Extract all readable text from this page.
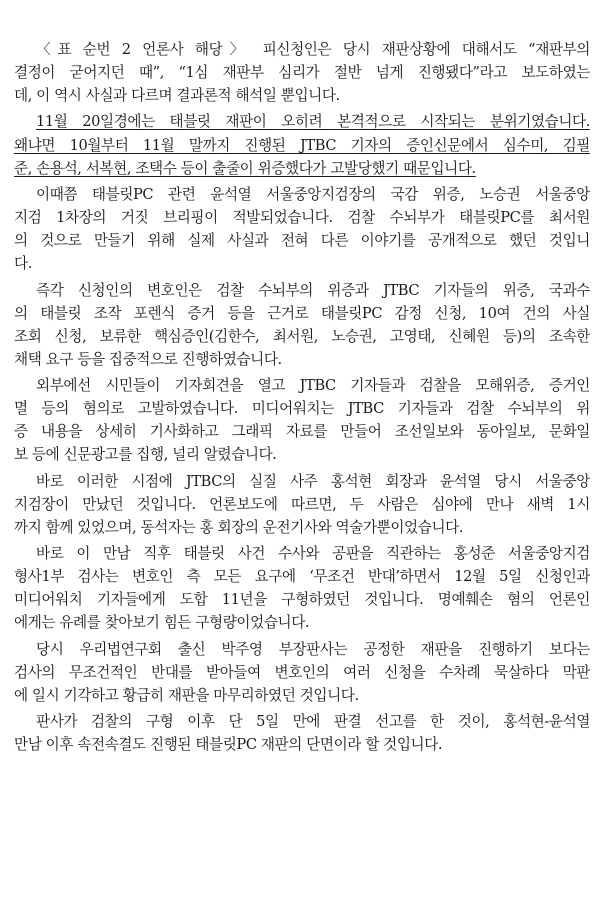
〈표 순번 2 언론사 해당〉 피신청인은 당시 재판상황에 대해서도 “재판부의
결정이 굳어지던 때”, “1심 재판부 심리가 절반 넘게 진행됐다”라고 보도하였는
데, 이 역시 사실과 다르며 결과론적 해석일 뿐입니다.
11월 20일경에는 태블릿 재판이 오히려 본격적으로 시작되는 분위기였습니다.
왜냐면 10월부터 11월 말까지 진행된 JTBC 기자의 증인신문에서 심수미, 김필
준, 손용석, 서복현, 조택수 등이 출줄이 위증했다가 고발당했기 때문입니다.
이때쯤 태블릿PC 관련 윤석열 서울중앙지검장의 국감 위증, 노승권 서울중앙
지검 1차장의 거짓 브리핑이 적발되었습니다. 검찰 수뇌부가 태블릿PC를 최서원
의 것으로 만들기 위해 실제 사실과 전혀 다른 이야기를 공개적으로 했던 것입니
다.
즉각 신청인의 변호인은 검찰 수뇌부의 위증과 JTBC 기자들의 위증, 국과수
의 태블릿 조작 포렌식 증거 등을 근거로 태블릿PC 감정 신청, 10여 건의 사실
조회 신청, 보류한 핵심증인(김한수, 최서원, 노승권, 고영태, 신혜원 등)의 조속한
채택 요구 등을 집중적으로 진행하였습니다.
외부에선 시민들이 기자회견을 열고 JTBC 기자들과 검찰을 모해위증, 증거인
멸 등의 혐의로 고발하였습니다. 미디어워치는 JTBC 기자들과 검찰 수뇌부의 위
증 내용을 상세히 기사화하고 그래픽 자료를 만들어 조선일보와 동아일보, 문화일
보 등에 신문광고를 집행, 널리 알렸습니다.
바로 이러한 시점에 JTBC의 실질 사주 홍석현 회장과 윤석열 당시 서울중앙
지검장이 만났던 것입니다. 언론보도에 따르면, 두 사람은 심야에 만나 새벽 1시
까지 함께 있었으며, 동석자는 홍 회장의 운전기사와 역술가뿐이었습니다.
바로 이 만남 직후 태블릿 사건 수사와 공판을 직관하는 홍성준 서울중앙지검
형사1부 검사는 변호인 측 모든 요구에 ‘무조건 반대’하면서 12월 5일 신청인과
미디어워치 기자들에게 도합 11년을 구형하였던 것입니다. 명예훼손 혐의 언론인
에게는 유례를 찾아보기 힘든 구형량이었습니다.
당시 우리법연구회 출신 박주영 부장판사는 공정한 재판을 진행하기 보다는
검사의 무조건적인 반대를 받아들여 변호인의 여러 신청을 수차례 묵살하다 막판
에 일시 기각하고 황급히 재판을 마무리하였던 것입니다.
판사가 검찰의 구형 이후 단 5일 만에 판결 선고를 한 것이, 홍석현-윤석열
만남 이후 속전속결도 진행된 태블릿PC 재판의 단면이라 할 것입니다.
